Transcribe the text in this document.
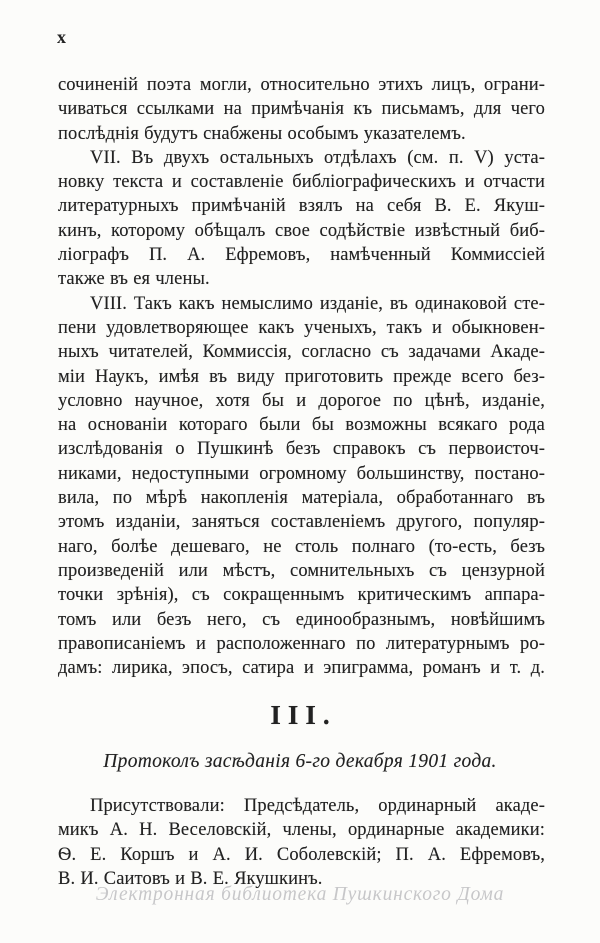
x
сочиненій поэта могли, относительно этихъ лицъ, ограни-
чиваться ссылками на примѣчанія къ письмамъ, для чего
послѣднія будутъ снабжены особымъ указателемъ.
VII. Въ двухъ остальныхъ отдѣлахъ (см. п. V) уста-
новку текста и составленіе библіографическихъ и отчасти
литературныхъ примѣчаній взялъ на себя В. Е. Якуш-
кинъ, которому обѣщалъ свое содѣйствіе извѣстный биб-
ліографъ П. А. Ефремовъ, намѣченный Коммиссіей
также въ ея члены.
VIII. Такъ какъ немыслимо изданіе, въ одинаковой сте-
пени удовлетворяющее какъ ученыхъ, такъ и обыкновен-
ныхъ читателей, Коммиссія, согласно съ задачами Акаде-
міи Наукъ, имѣя въ виду приготовить прежде всего без-
условно научное, хотя бы и дорогое по цѣнѣ, изданіе,
на основаніи котораго были бы возможны всякаго рода
изслѣдованія о Пушкинѣ безъ справокъ съ первоисточ-
никами, недоступными огромному большинству, постано-
вила, по мѣрѣ накопленія матеріала, обработаннаго въ
этомъ изданіи, заняться составленіемъ другого, популяр-
наго, болѣе дешеваго, не столь полнаго (то-есть, безъ
произведеній или мѣстъ, сомнительныхъ съ цензурной
точки зрѣнія), съ сокращеннымъ критическимъ аппара-
томъ или безъ него, съ единообразнымъ, новѣйшимъ
правописаніемъ и расположеннаго по литературнымъ ро-
дамъ: лирика, эпосъ, сатира и эпиграмма, романъ и т. д.
III.
Протоколъ засѣданія 6-го декабря 1901 года.
Присутствовали: Предсѣдатель, ординарный акаде-
микъ А. Н. Веселовскій, члены, ординарные академики:
Ѳ. Е. Коршъ и А. И. Соболевскій; П. А. Ефремовъ,
В. И. Саитовъ и В. Е. Якушкинъ.
Электронная библиотека Пушкинского Дома
